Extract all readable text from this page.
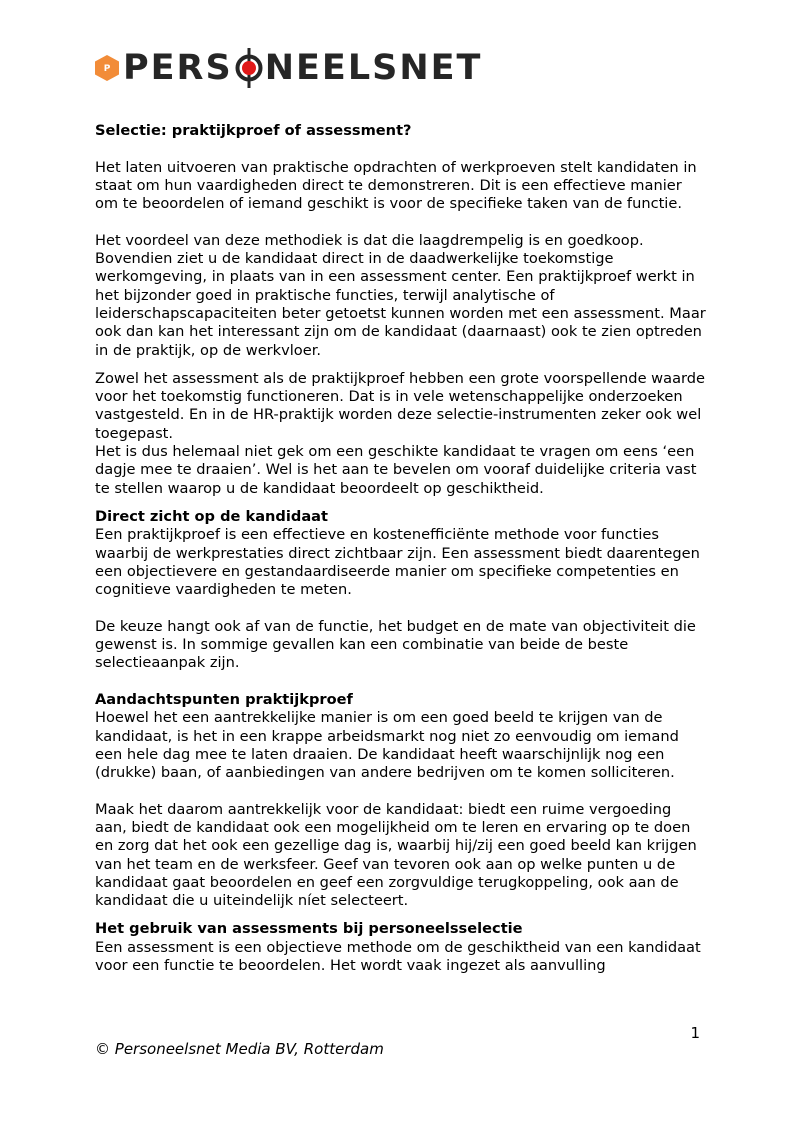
P PERS NEELSNET

Selectie: praktijkproef of assessment?

Het laten uitvoeren van praktische opdrachten of werkproeven stelt kandidaten in staat om hun vaardigheden direct te demonstreren. Dit is een effectieve manier om te beoordelen of iemand geschikt is voor de specifieke taken van de functie.

Het voordeel van deze methodiek is dat die laagdrempelig is en goedkoop. Bovendien ziet u de kandidaat direct in de daadwerkelijke toekomstige werkomgeving, in plaats van in een assessment center. Een praktijkproef werkt in het bijzonder goed in praktische functies, terwijl analytische of leiderschapscapaciteiten beter getoetst kunnen worden met een assessment. Maar ook dan kan het interessant zijn om de kandidaat (daarnaast) ook te zien optreden in de praktijk, op de werkvloer.

Zowel het assessment als de praktijkproef hebben een grote voorspellende waarde voor het toekomstig functioneren. Dat is in vele wetenschappelijke onderzoeken vastgesteld. En in de HR-praktijk worden deze selectie-instrumenten zeker ook wel toegepast.

Het is dus helemaal niet gek om een geschikte kandidaat te vragen om eens ‘een dagje mee te draaien’. Wel is het aan te bevelen om vooraf duidelijke criteria vast te stellen waarop u de kandidaat beoordeelt op geschiktheid.

Direct zicht op de kandidaat

Een praktijkproef is een effectieve en kostenefficiënte methode voor functies waarbij de werkprestaties direct zichtbaar zijn. Een assessment biedt daarentegen een objectievere en gestandaardiseerde manier om specifieke competenties en cognitieve vaardigheden te meten.

De keuze hangt ook af van de functie, het budget en de mate van objectiviteit die gewenst is. In sommige gevallen kan een combinatie van beide de beste selectieaanpak zijn.

Aandachtspunten praktijkproef

Hoewel het een aantrekkelijke manier is om een goed beeld te krijgen van de kandidaat, is het in een krappe arbeidsmarkt nog niet zo eenvoudig om iemand een hele dag mee te laten draaien. De kandidaat heeft waarschijnlijk nog een (drukke) baan, of aanbiedingen van andere bedrijven om te komen solliciteren.

Maak het daarom aantrekkelijk voor de kandidaat: biedt een ruime vergoeding aan, biedt de kandidaat ook een mogelijkheid om te leren en ervaring op te doen en zorg dat het ook een gezellige dag is, waarbij hij/zij een goed beeld kan krijgen van het team en de werksfeer. Geef van tevoren ook aan op welke punten u de kandidaat gaat beoordelen en geef een zorgvuldige terugkoppeling, ook aan de kandidaat die u uiteindelijk níet selecteert.

Het gebruik van assessments bij personeelsselectie

Een assessment is een objectieve methode om de geschiktheid van een kandidaat voor een functie te beoordelen. Het wordt vaak ingezet als aanvulling

1
© Personeelsnet Media BV, Rotterdam
